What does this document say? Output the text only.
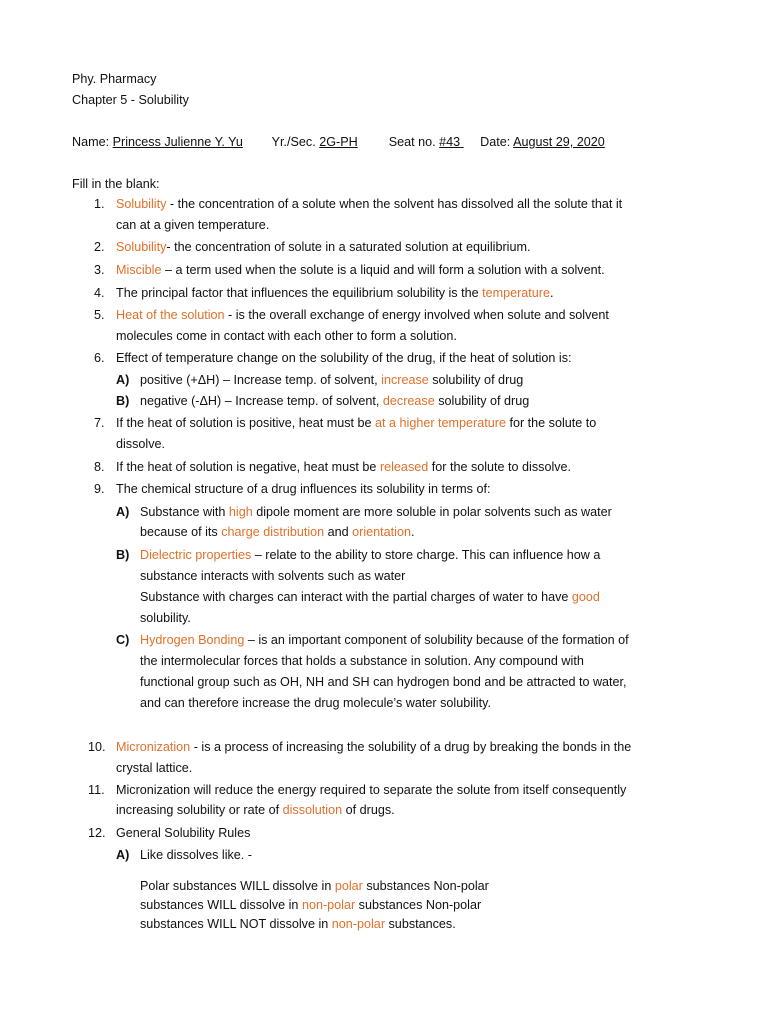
Phy. Pharmacy
Chapter 5 - Solubility
Name: Princess Julienne Y. Yu Yr./Sec. 2G-PH Seat no. #43 Date: August 29, 2020
Fill in the blank:
1. Solubility - the concentration of a solute when the solvent has dissolved all the solute that it
can at a given temperature.
2. Solubility- the concentration of solute in a saturated solution at equilibrium.
3. Miscible – a term used when the solute is a liquid and will form a solution with a solvent.
4. The principal factor that influences the equilibrium solubility is the temperature.
5. Heat of the solution - is the overall exchange of energy involved when solute and solvent
molecules come in contact with each other to form a solution.
6. Effect of temperature change on the solubility of the drug, if the heat of solution is:
A) positive (+ΔH) – Increase temp. of solvent, increase solubility of drug
B) negative (-ΔH) – Increase temp. of solvent, decrease solubility of drug
7. If the heat of solution is positive, heat must be at a higher temperature for the solute to
dissolve.
8. If the heat of solution is negative, heat must be released for the solute to dissolve.
9. The chemical structure of a drug influences its solubility in terms of:
A) Substance with high dipole moment are more soluble in polar solvents such as water
because of its charge distribution and orientation.
B) Dielectric properties – relate to the ability to store charge. This can influence how a
substance interacts with solvents such as water
Substance with charges can interact with the partial charges of water to have good
solubility.
C) Hydrogen Bonding – is an important component of solubility because of the formation of
the intermolecular forces that holds a substance in solution. Any compound with
functional group such as OH, NH and SH can hydrogen bond and be attracted to water,
and can therefore increase the drug molecule’s water solubility.
10. Micronization - is a process of increasing the solubility of a drug by breaking the bonds in the
crystal lattice.
11. Micronization will reduce the energy required to separate the solute from itself consequently
increasing solubility or rate of dissolution of drugs.
12. General Solubility Rules
A) Like dissolves like. -
Polar substances WILL dissolve in polar substances Non-polar
substances WILL dissolve in non-polar substances Non-polar
substances WILL NOT dissolve in non-polar substances.
